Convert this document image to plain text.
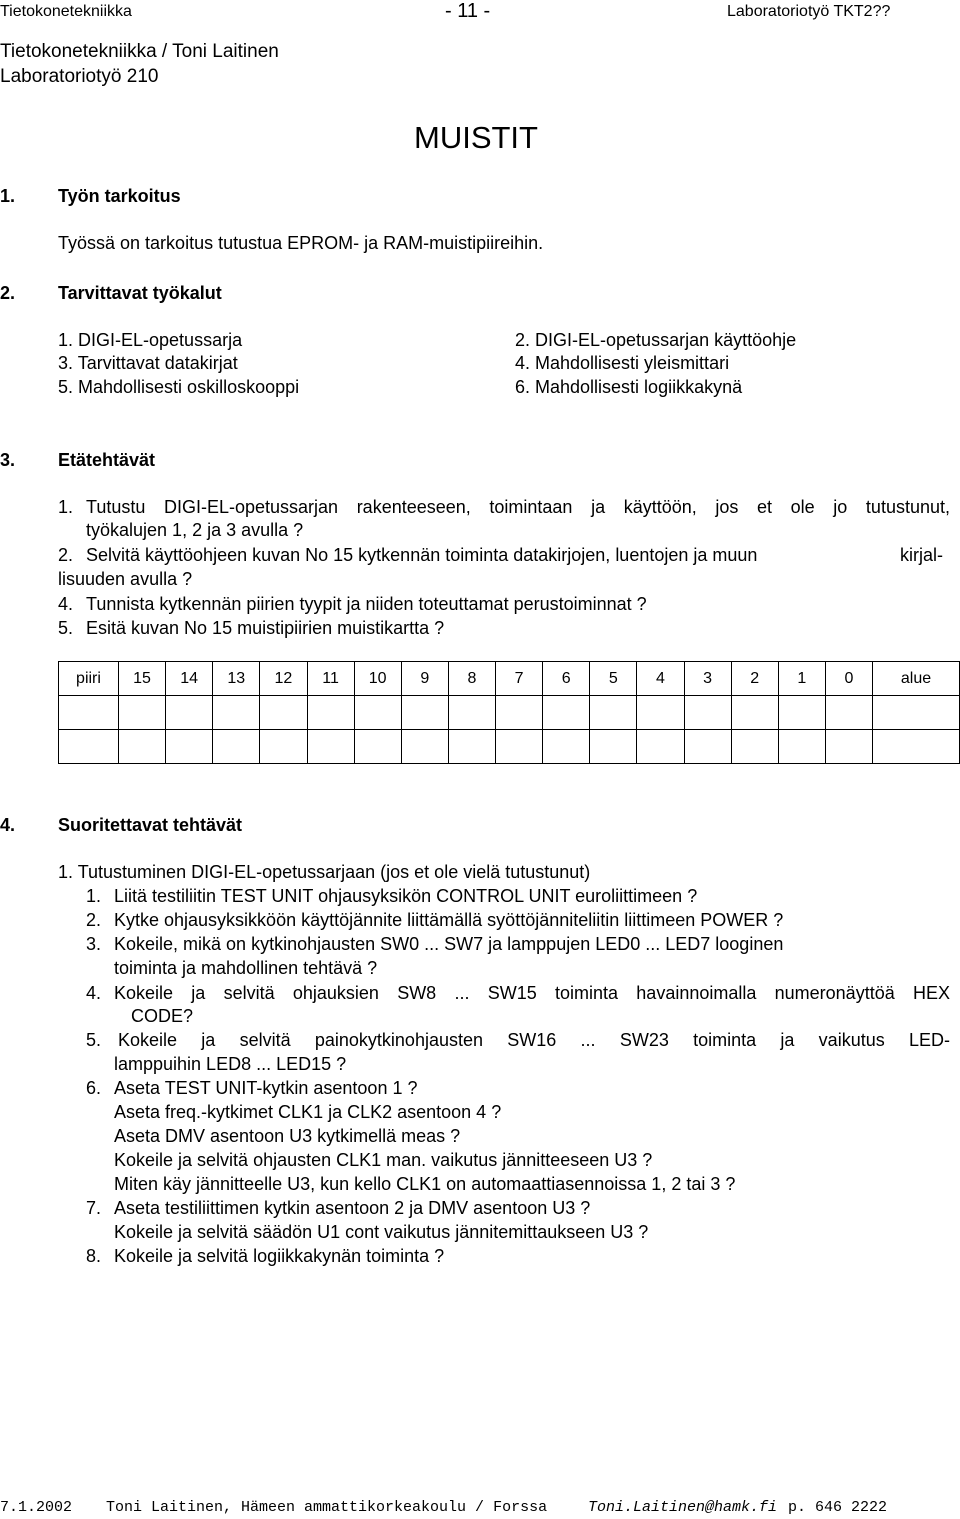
Tietokonetekniikka	- 11 -	Laboratoriotyö TKT2??
Tietokonetekniikka / Toni Laitinen
Laboratoriotyö 210
MUISTIT
1. Työn tarkoitus
Työssä on tarkoitus tutustua EPROM- ja RAM-muistipiireihin.
2. Tarvittavat työkalut
1. DIGI-EL-opetussarja	2. DIGI-EL-opetussarjan käyttöohje
3. Tarvittavat datakirjat	4. Mahdollisesti yleismittari
5. Mahdollisesti oskilloskooppi	6. Mahdollisesti logiikkakynä
3. Etätehtävät
1. Tutustu DIGI-EL-opetussarjan rakenteeseen, toimintaan ja käyttöön, jos et ole jo tutustunut,
työkalujen 1, 2 ja 3 avulla ?
2. Selvitä käyttöohjeen kuvan No 15 kytkennän toiminta datakirjojen, luentojen ja muun	kirjal-
lisuuden avulla ?
4. Tunnista kytkennän piirien tyypit ja niiden toteuttamat perustoiminnat ?
5. Esitä kuvan No 15 muistipiirien muistikartta ?
piiri	15	14	13	12	11	10	9	8	7	6	5	4	3	2	1	0	alue

4. Suoritettavat tehtävät
1. Tutustuminen DIGI-EL-opetussarjaan (jos et ole vielä tutustunut)
1. Liitä testiliitin TEST UNIT ohjausyksikön CONTROL UNIT euroliittimeen ?
2. Kytke ohjausyksikköön käyttöjännite liittämällä syöttöjänniteliitin liittimeen POWER ?
3. Kokeile, mikä on kytkinohjausten SW0 ... SW7 ja lamppujen LED0 ... LED7 looginen
toiminta ja mahdollinen tehtävä ?
4. Kokeile ja selvitä ohjauksien SW8 ... SW15 toiminta havainnoimalla numeronäyttöä HEX
CODE?
5. Kokeile ja selvitä painokytkinohjausten SW16 ... SW23 toiminta ja vaikutus LED-
lamppuihin LED8 ... LED15 ?
6. Aseta TEST UNIT-kytkin asentoon 1 ?
Aseta freq.-kytkimet CLK1 ja CLK2 asentoon 4 ?
Aseta DMV asentoon U3 kytkimellä meas ?
Kokeile ja selvitä ohjausten CLK1 man. vaikutus jännitteeseen U3 ?
Miten käy jännitteelle U3, kun kello CLK1 on automaattiasennoissa 1, 2 tai 3 ?
7. Aseta testiliittimen kytkin asentoon 2 ja DMV asentoon U3 ?
Kokeile ja selvitä säädön U1 cont vaikutus jännitemittaukseen U3 ?
8. Kokeile ja selvitä logiikkakynän toiminta ?
7.1.2002 Toni Laitinen, Hämeen ammattikorkeakoulu / Forssa	Toni.Laitinen@hamk.fi p. 646 2222
